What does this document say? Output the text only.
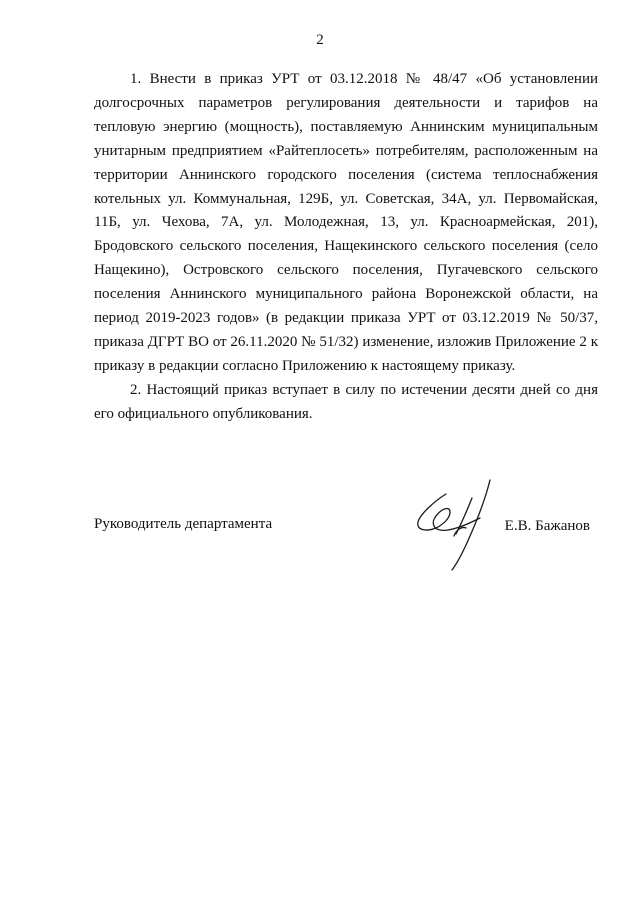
2

1. Внести в приказ УРТ от 03.12.2018 № 48/47 «Об установлении долгосрочных параметров регулирования деятельности и тарифов на тепловую энергию (мощность), поставляемую Аннинским муниципальным унитарным предприятием «Райтеплосеть» потребителям, расположенным на территории Аннинского городского поселения (система теплоснабжения котельных ул. Коммунальная, 129Б, ул. Советская, 34А, ул. Первомайская, 11Б, ул. Чехова, 7А, ул. Молодежная, 13, ул. Красноармейская, 201), Бродовского сельского поселения, Нащекинского сельского поселения (село Нащекино), Островского сельского поселения, Пугачевского сельского поселения Аннинского муниципального района Воронежской области, на период 2019-2023 годов» (в редакции приказа УРТ от 03.12.2019 № 50/37, приказа ДГРТ ВО от 26.11.2020 № 51/32) изменение, изложив Приложение 2 к приказу в редакции согласно Приложению к настоящему приказу.

2. Настоящий приказ вступает в силу по истечении десяти дней со дня его официального опубликования.

Руководитель департамента	Е.В. Бажанов
